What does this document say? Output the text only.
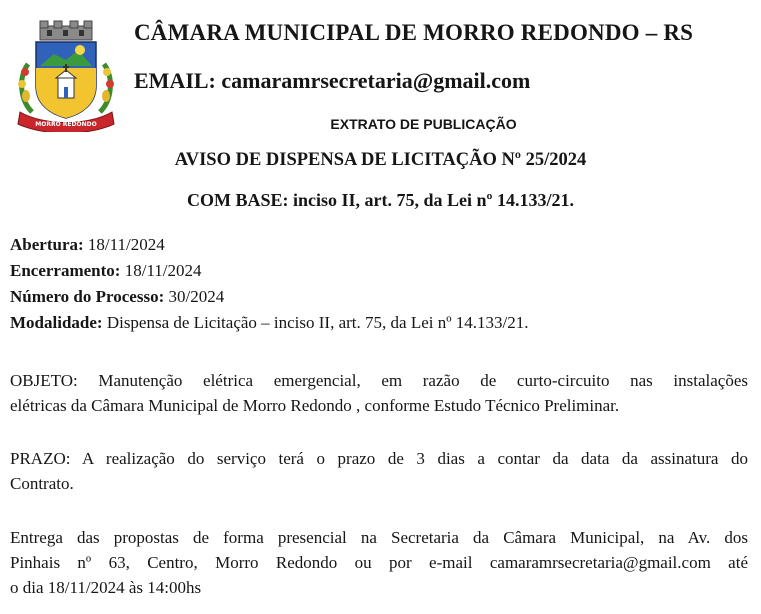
MORRO REDONDO
CÂMARA MUNICIPAL DE MORRO REDONDO – RS
EMAIL: camaramrsecretaria@gmail.com
EXTRATO DE PUBLICAÇÃO
AVISO DE DISPENSA DE LICITAÇÃO Nº 25/2024
COM BASE: inciso II, art. 75, da Lei nº 14.133/21.
Abertura: 18/11/2024
Encerramento: 18/11/2024
Número do Processo: 30/2024
Modalidade: Dispensa de Licitação – inciso II, art. 75, da Lei nº 14.133/21.
OBJETO: Manutenção elétrica emergencial, em razão de curto-circuito nas instalações
elétricas da Câmara Municipal de Morro Redondo , conforme Estudo Técnico Preliminar.
PRAZO: A realização do serviço terá o prazo de 3 dias a contar da data da assinatura do
Contrato.
Entrega das propostas de forma presencial na Secretaria da Câmara Municipal, na Av. dos
Pinhais nº 63, Centro, Morro Redondo ou por e-mail camaramrsecretaria@gmail.com até
o dia 18/11/2024 às 14:00hs
